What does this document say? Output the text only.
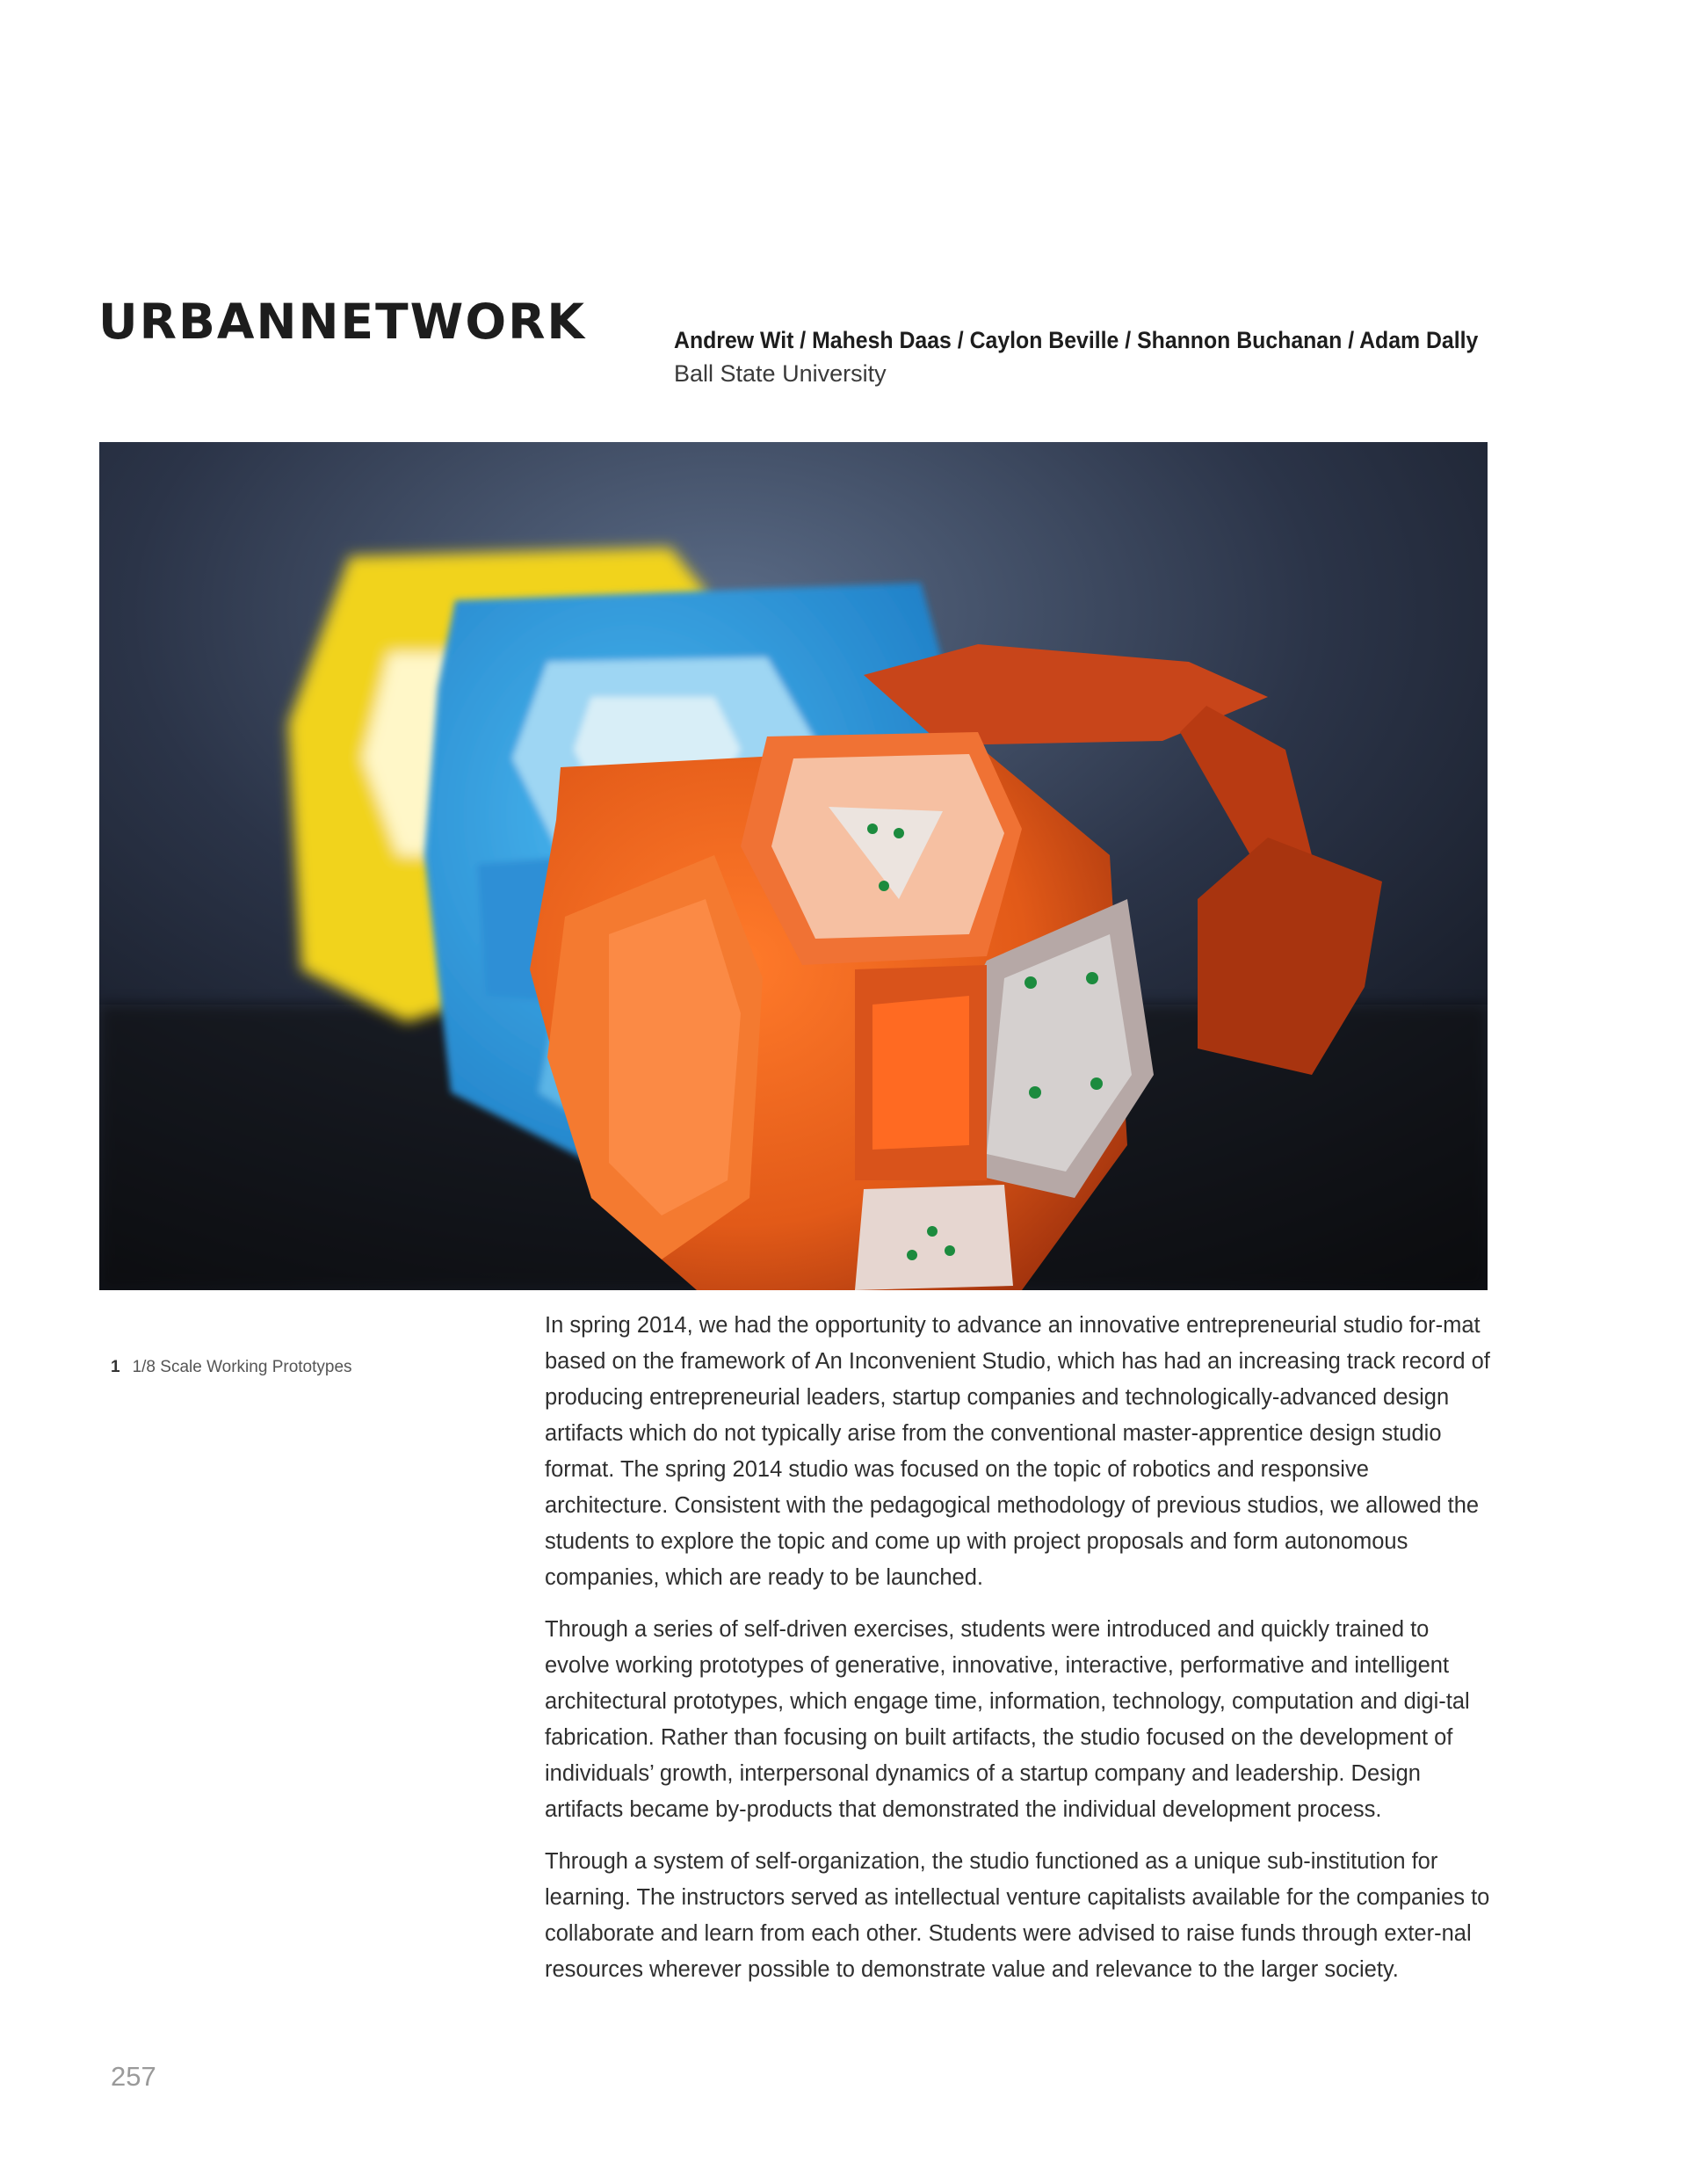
URBANNETWORK	Andrew Wit / Mahesh Daas / Caylon Beville / Shannon Buchanan / Adam Dally
Ball State University
1 1/8 Scale Working Prototypes

In spring 2014, we had the opportunity to advance an innovative entrepreneurial studio for-mat based on the framework of An Inconvenient Studio, which has had an increasing track record of producing entrepreneurial leaders, startup companies and technologically-advanced design artifacts which do not typically arise from the conventional master-apprentice design studio format. The spring 2014 studio was focused on the topic of robotics and responsive architecture. Consistent with the pedagogical methodology of previous studios, we allowed the students to explore the topic and come up with project proposals and form autonomous companies, which are ready to be launched.

Through a series of self-driven exercises, students were introduced and quickly trained to evolve working prototypes of generative, innovative, interactive, performative and intelligent architectural prototypes, which engage time, information, technology, computation and digi-tal fabrication. Rather than focusing on built artifacts, the studio focused on the development of individuals’ growth, interpersonal dynamics of a startup company and leadership. Design artifacts became by-products that demonstrated the individual development process.

Through a system of self-organization, the studio functioned as a unique sub-institution for learning. The instructors served as intellectual venture capitalists available for the companies to collaborate and learn from each other. Students were advised to raise funds through exter-nal resources wherever possible to demonstrate value and relevance to the larger society.

257
